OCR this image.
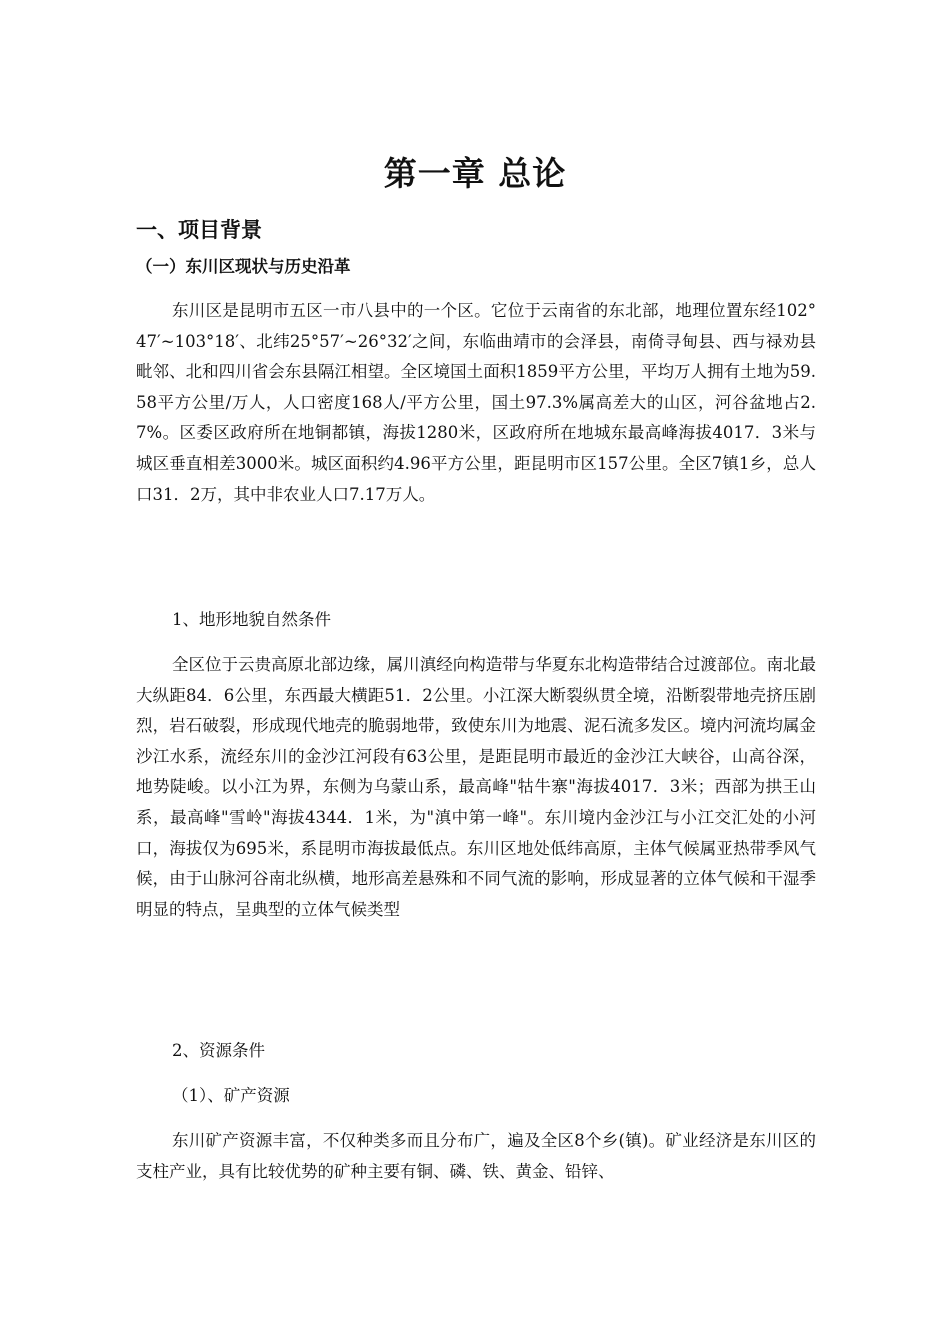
第一章 总论
一、项目背景
（一）东川区现状与历史沿革

东川区是昆明市五区一市八县中的一个区。它位于云南省的东北部，地理位置东经102°47′~103°18′、北纬25°57′~26°32′之间，东临曲靖市的会泽县，南倚寻甸县、西与禄劝县毗邻、北和四川省会东县隔江相望。全区境国土面积1859平方公里，平均万人拥有土地为59.58平方公里/万人，人口密度168人/平方公里，国土97.3%属高差大的山区，河谷盆地占2.7%。区委区政府所在地铜都镇，海拔1280米，区政府所在地城东最高峰海拔4017．3米与城区垂直相差3000米。城区面积约4.96平方公里，距昆明市区157公里。全区7镇1乡，总人口31．2万，其中非农业人口7.17万人。

1、地形地貌自然条件

全区位于云贵高原北部边缘，属川滇经向构造带与华夏东北构造带结合过渡部位。南北最大纵距84．6公里，东西最大横距51．2公里。小江深大断裂纵贯全境，沿断裂带地壳挤压剧烈，岩石破裂，形成现代地壳的脆弱地带，致使东川为地震、泥石流多发区。境内河流均属金沙江水系，流经东川的金沙江河段有63公里，是距昆明市最近的金沙江大峡谷，山高谷深，地势陡峻。以小江为界，东侧为乌蒙山系，最高峰"牯牛寨"海拔4017．3米；西部为拱王山系，最高峰"雪岭"海拔4344．1米，为"滇中第一峰"。东川境内金沙江与小江交汇处的小河口，海拔仅为695米，系昆明市海拔最低点。东川区地处低纬高原，主体气候属亚热带季风气候，由于山脉河谷南北纵横，地形高差悬殊和不同气流的影响，形成显著的立体气候和干湿季明显的特点，呈典型的立体气候类型

2、资源条件

（1）、矿产资源

东川矿产资源丰富，不仅种类多而且分布广，遍及全区8个乡(镇)。矿业经济是东川区的支柱产业，具有比较优势的矿种主要有铜、磷、铁、黄金、铅锌、
